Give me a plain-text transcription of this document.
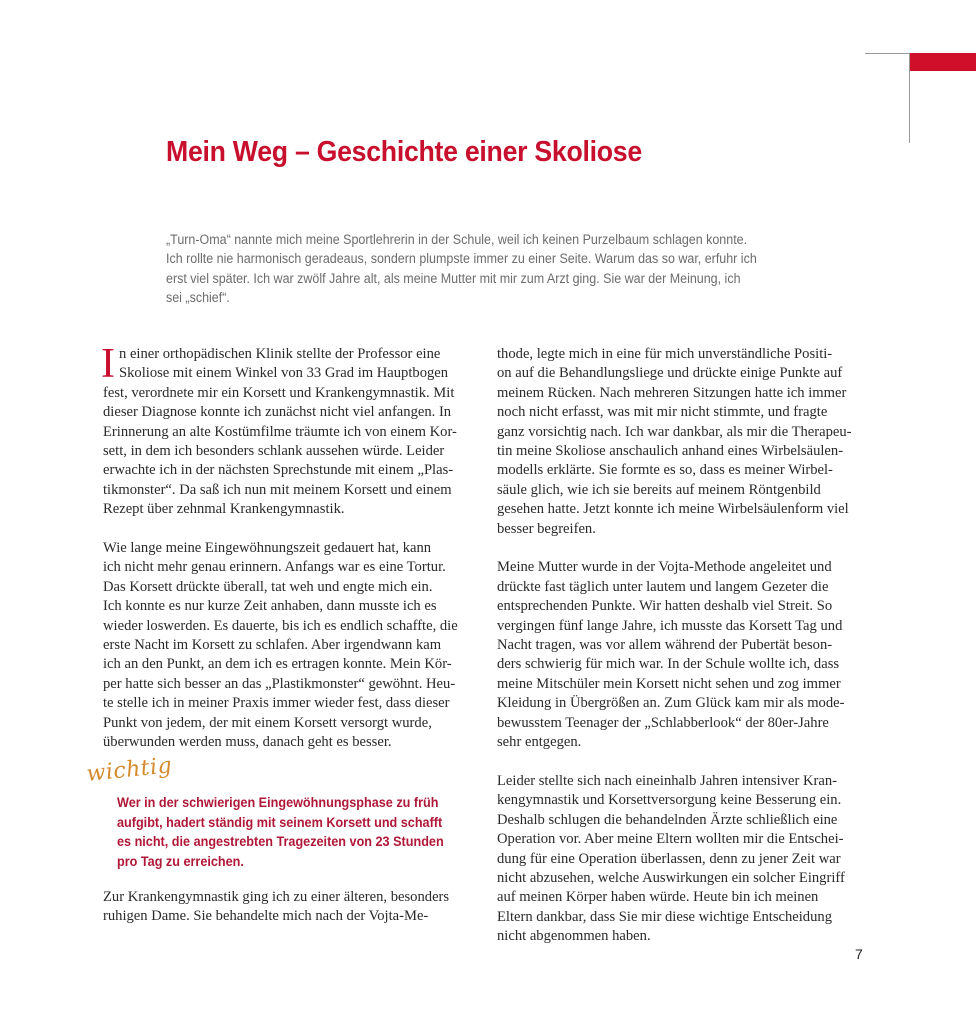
Mein Weg – Geschichte einer Skoliose
„Turn-Oma“ nannte mich meine Sportlehrerin in der Schule, weil ich keinen Purzelbaum schlagen konnte.
Ich rollte nie harmonisch geradeaus, sondern plumpste immer zu einer Seite. Warum das so war, erfuhr ich
erst viel später. Ich war zwölf Jahre alt, als meine Mutter mit mir zum Arzt ging. Sie war der Meinung, ich
sei „schief“.
I n einer orthopädischen Klinik stellte der Professor eine
Skoliose mit einem Winkel von 33 Grad im Hauptbogen
fest, verordnete mir ein Korsett und Krankengymnastik. Mit
dieser Diagnose konnte ich zunächst nicht viel anfangen. In
Erinnerung an alte Kostümfilme träumte ich von einem Kor-
sett, in dem ich besonders schlank aussehen würde. Leider
erwachte ich in der nächsten Sprechstunde mit einem „Plas-
tikmonster“. Da saß ich nun mit meinem Korsett und einem
Rezept über zehnmal Krankengymnastik.
Wie lange meine Eingewöhnungszeit gedauert hat, kann
ich nicht mehr genau erinnern. Anfangs war es eine Tortur.
Das Korsett drückte überall, tat weh und engte mich ein.
Ich konnte es nur kurze Zeit anhaben, dann musste ich es
wieder loswerden. Es dauerte, bis ich es endlich schaffte, die
erste Nacht im Korsett zu schlafen. Aber irgendwann kam
ich an den Punkt, an dem ich es ertragen konnte. Mein Kör-
per hatte sich besser an das „Plastikmonster“ gewöhnt. Heu-
te stelle ich in meiner Praxis immer wieder fest, dass dieser
Punkt von jedem, der mit einem Korsett versorgt wurde,
überwunden werden muss, danach geht es besser.
wichtig
Wer in der schwierigen Eingewöhnungsphase zu früh
aufgibt, hadert ständig mit seinem Korsett und schafft
es nicht, die angestrebten Tragezeiten von 23 Stunden
pro Tag zu erreichen.
Zur Krankengymnastik ging ich zu einer älteren, besonders
ruhigen Dame. Sie behandelte mich nach der Vojta-Me-
thode, legte mich in eine für mich unverständliche Positi-
on auf die Behandlungsliege und drückte einige Punkte auf
meinem Rücken. Nach mehreren Sitzungen hatte ich immer
noch nicht erfasst, was mit mir nicht stimmte, und fragte
ganz vorsichtig nach. Ich war dankbar, als mir die Therapeu-
tin meine Skoliose anschaulich anhand eines Wirbelsäulen-
modells erklärte. Sie formte es so, dass es meiner Wirbel-
säule glich, wie ich sie bereits auf meinem Röntgenbild
gesehen hatte. Jetzt konnte ich meine Wirbelsäulenform viel
besser begreifen.
Meine Mutter wurde in der Vojta-Methode angeleitet und
drückte fast täglich unter lautem und langem Gezeter die
entsprechenden Punkte. Wir hatten deshalb viel Streit. So
vergingen fünf lange Jahre, ich musste das Korsett Tag und
Nacht tragen, was vor allem während der Pubertät beson-
ders schwierig für mich war. In der Schule wollte ich, dass
meine Mitschüler mein Korsett nicht sehen und zog immer
Kleidung in Übergrößen an. Zum Glück kam mir als mode-
bewusstem Teenager der „Schlabberlook“ der 80er-Jahre
sehr entgegen.
Leider stellte sich nach eineinhalb Jahren intensiver Kran-
kengymnastik und Korsettversorgung keine Besserung ein.
Deshalb schlugen die behandelnden Ärzte schließlich eine
Operation vor. Aber meine Eltern wollten mir die Entschei-
dung für eine Operation überlassen, denn zu jener Zeit war
nicht abzusehen, welche Auswirkungen ein solcher Eingriff
auf meinen Körper haben würde. Heute bin ich meinen
Eltern dankbar, dass Sie mir diese wichtige Entscheidung
nicht abgenommen haben.
7
